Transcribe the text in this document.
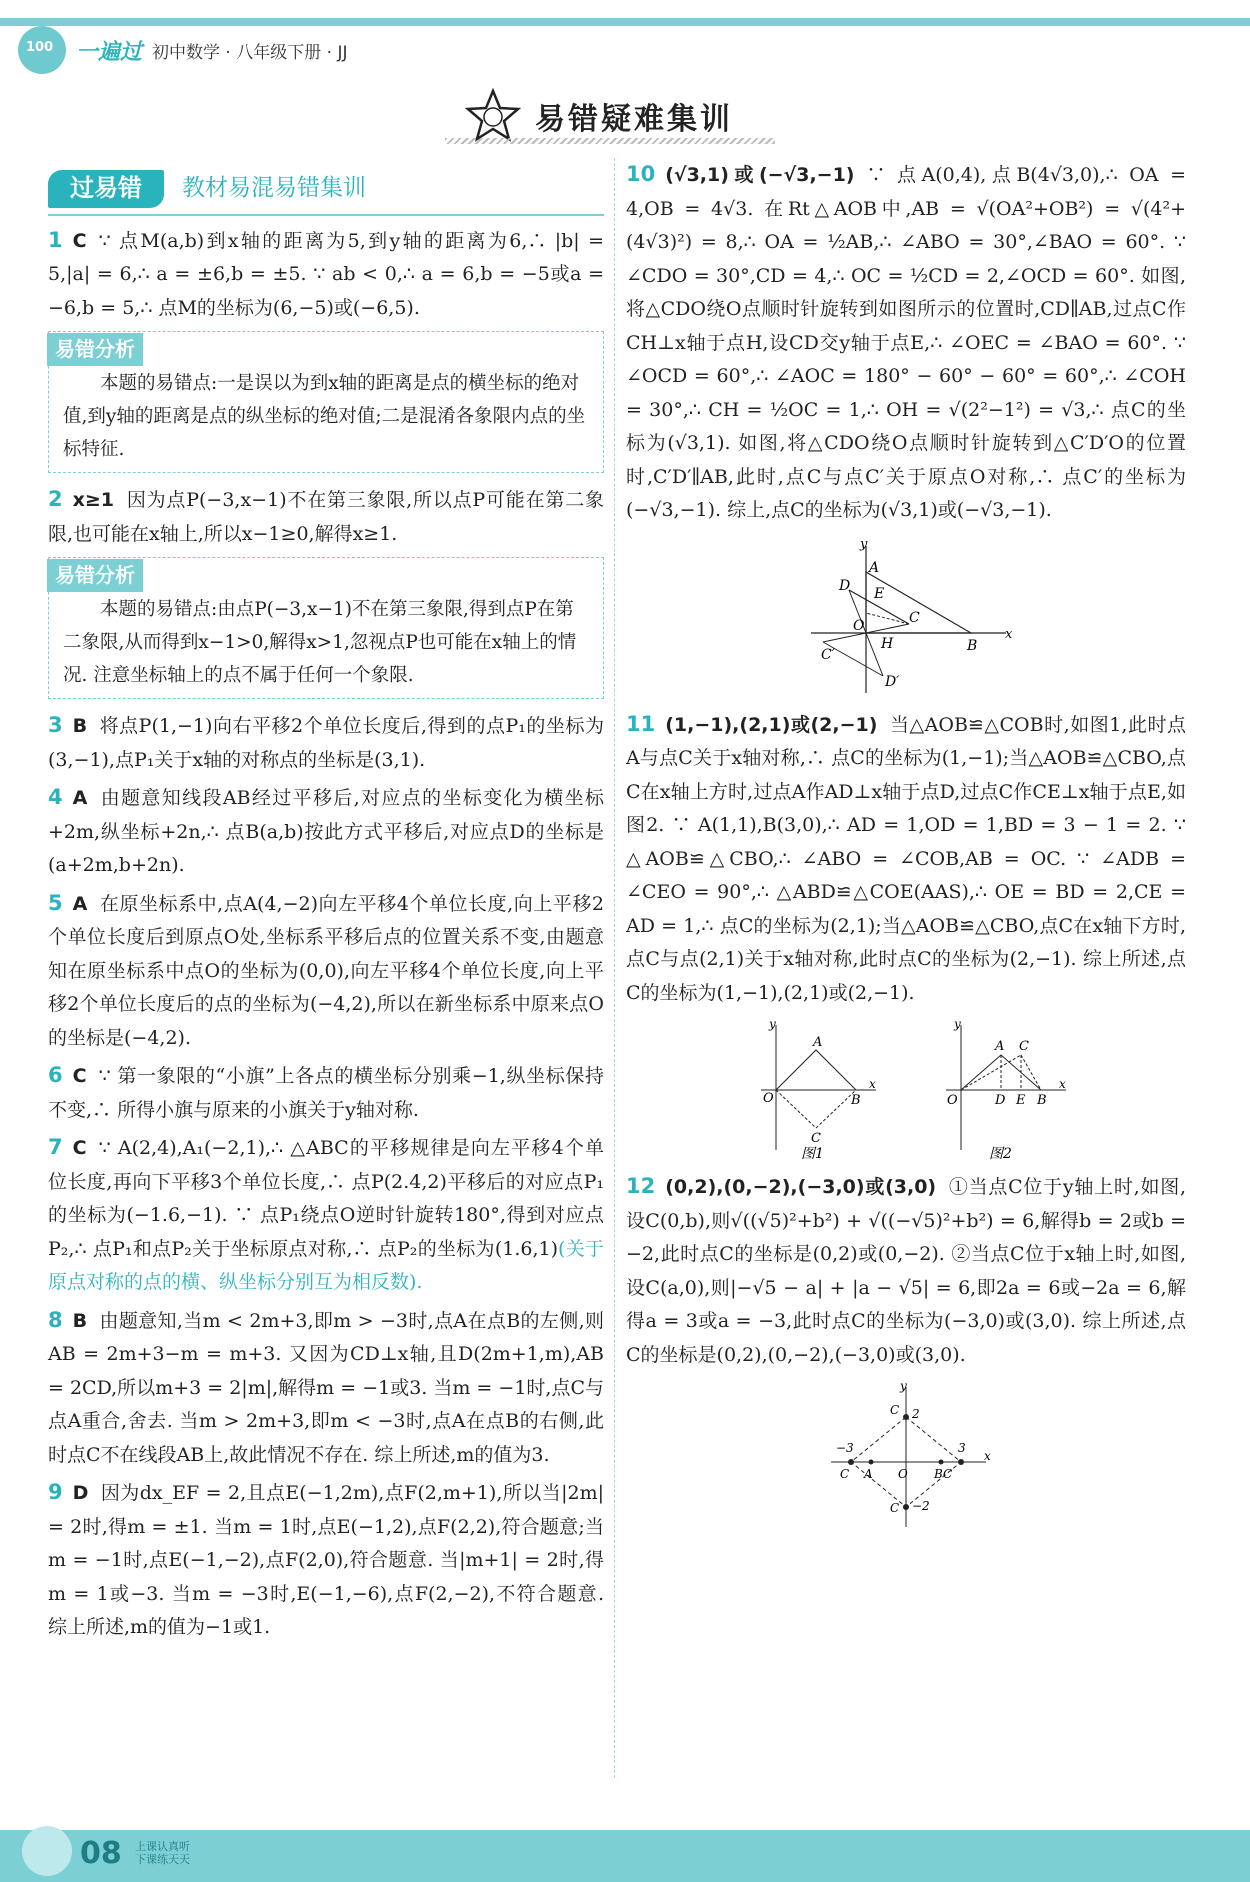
100
一遍过 初中数学 · 八年级下册 · JJ
易错疑难集训
过易错	教材易混易错集训

1 C ∵ 点M(a,b)到x轴的距离为5,到y轴的距离为6,∴ |b| = 5,|a| = 6,∴ a = ±6,b = ±5. ∵ ab < 0,∴ a = 6,b = −5或a = −6,b = 5,∴ 点M的坐标为(6,−5)或(−6,5).

易错分析
本题的易错点:一是误以为到x轴的距离是点的横坐标的绝对值,到y轴的距离是点的纵坐标的绝对值;二是混淆各象限内点的坐标特征.

2 x≥1 因为点P(−3,x−1)不在第三象限,所以点P可能在第二象限,也可能在x轴上,所以x−1≥0,解得x≥1.

易错分析
本题的易错点:由点P(−3,x−1)不在第三象限,得到点P在第二象限,从而得到x−1>0,解得x>1,忽视点P也可能在x轴上的情况. 注意坐标轴上的点不属于任何一个象限.

3 B 将点P(1,−1)向右平移2个单位长度后,得到的点P₁的坐标为(3,−1),点P₁关于x轴的对称点的坐标是(3,1).

4 A 由题意知线段AB经过平移后,对应点的坐标变化为横坐标+2m,纵坐标+2n,∴ 点B(a,b)按此方式平移后,对应点D的坐标是(a+2m,b+2n).

5 A 在原坐标系中,点A(4,−2)向左平移4个单位长度,向上平移2个单位长度后到原点O处,坐标系平移后点的位置关系不变,由题意知在原坐标系中点O的坐标为(0,0),向左平移4个单位长度,向上平移2个单位长度后的点的坐标为(−4,2),所以在新坐标系中原来点O的坐标是(−4,2).

6 C ∵ 第一象限的“小旗”上各点的横坐标分别乘−1,纵坐标保持不变,∴ 所得小旗与原来的小旗关于y轴对称.

7 C ∵ A(2,4),A₁(−2,1),∴ △ABC的平移规律是向左平移4个单位长度,再向下平移3个单位长度,∴ 点P(2.4,2)平移后的对应点P₁的坐标为(−1.6,−1). ∵ 点P₁绕点O逆时针旋转180°,得到对应点P₂,∴ 点P₁和点P₂关于坐标原点对称,∴ 点P₂的坐标为(1.6,1)(关于原点对称的点的横、纵坐标分别互为相反数).

8 B 由题意知,当m < 2m+3,即m > −3时,点A在点B的左侧,则AB = 2m+3−m = m+3. 又因为CD⊥x轴,且D(2m+1,m),AB = 2CD,所以m+3 = 2|m|,解得m = −1或3. 当m = −1时,点C与点A重合,舍去. 当m > 2m+3,即m < −3时,点A在点B的右侧,此时点C不在线段AB上,故此情况不存在. 综上所述,m的值为3.

9 D 因为dx_EF = 2,且点E(−1,2m),点F(2,m+1),所以当|2m| = 2时,得m = ±1. 当m = 1时,点E(−1,2),点F(2,2),符合题意;当m = −1时,点E(−1,−2),点F(2,0),符合题意. 当|m+1| = 2时,得m = 1或−3. 当m = −3时,E(−1,−6),点F(2,−2),不符合题意. 综上所述,m的值为−1或1.

10 (√3,1)或(−√3,−1) ∵ 点A(0,4),点B(4√3,0),∴ OA = 4,OB = 4√3. 在Rt△AOB中,AB = √(OA²+OB²) = √(4²+(4√3)²) = 8,∴ OA = ½AB,∴ ∠ABO = 30°,∠BAO = 60°. ∵ ∠CDO = 30°,CD = 4,∴ OC = ½CD = 2,∠OCD = 60°. 如图,将△CDO绕O点顺时针旋转到如图所示的位置时,CD∥AB,过点C作CH⊥x轴于点H,设CD交y轴于点E,∴ ∠OEC = ∠BAO = 60°. ∵ ∠OCD = 60°,∴ ∠AOC = 180° − 60° − 60° = 60°,∴ ∠COH = 30°,∴ CH = ½OC = 1,∴ OH = √(2²−1²) = √3,∴ 点C的坐标为(√3,1). 如图,将△CDO绕O点顺时针旋转到△C′D′O的位置时,C′D′∥AB,此时,点C与点C′关于原点O对称,∴ 点C′的坐标为(−√3,−1). 综上,点C的坐标为(√3,1)或(−√3,−1).

y
x
A
B
D E
C
O
H
C′
D′

11 (1,−1),(2,1)或(2,−1) 当△AOB≌△COB时,如图1,此时点A与点C关于x轴对称,∴ 点C的坐标为(1,−1);当△AOB≌△CBO,点C在x轴上方时,过点A作AD⊥x轴于点D,过点C作CE⊥x轴于点E,如图2. ∵ A(1,1),B(3,0),∴ AD = 1,OD = 1,BD = 3 − 1 = 2. ∵ △AOB≌△CBO,∴ ∠ABO = ∠COB,AB = OC. ∵ ∠ADB = ∠CEO = 90°,∴ △ABD≌△COE(AAS),∴ OE = BD = 2,CE = AD = 1,∴ 点C的坐标为(2,1);当△AOB≌△CBO,点C在x轴下方时,点C与点(2,1)关于x轴对称,此时点C的坐标为(2,−1). 综上所述,点C的坐标为(1,−1),(2,1)或(2,−1).

y
x
A
O	B
C
图1
y
x
A C
O	D E B
图2

12 (0,2),(0,−2),(−3,0)或(3,0) ①当点C位于y轴上时,如图,设C(0,b),则√((√5)²+b²) + √((−√5)²+b²) = 6,解得b = 2或b = −2,此时点C的坐标是(0,2)或(0,−2). ②当点C位于x轴上时,如图,设C(a,0),则|−√5 − a| + |a − √5| = 6,即2a = 6或−2a = 6,解得a = 3或a = −3,此时点C的坐标为(−3,0)或(3,0). 综上所述,点C的坐标是(0,2),(0,−2),(−3,0)或(3,0).

y
x
C 2
−3	3
C A O BC
C −2
08 上课认真听
下课练天天
